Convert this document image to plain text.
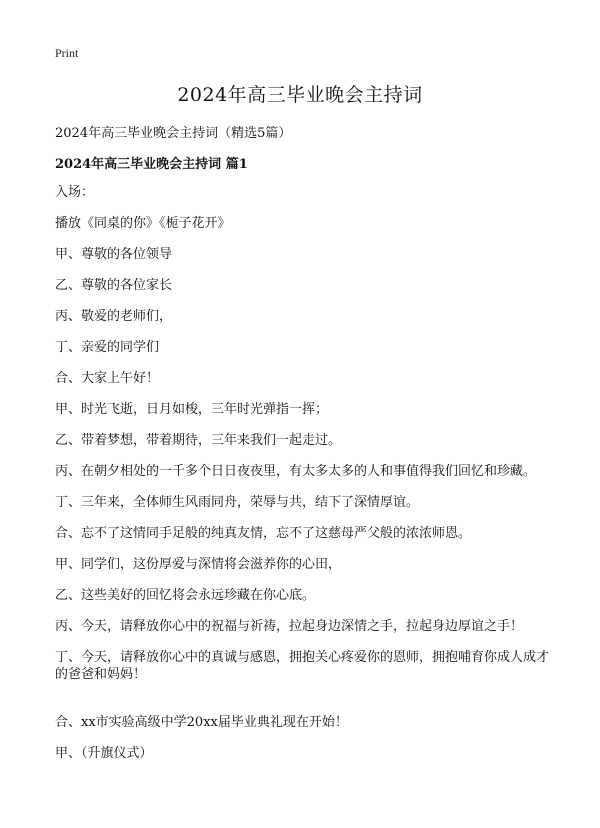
Print
2024年高三毕业晚会主持词
2024年高三毕业晚会主持词（精选5篇）
2024年高三毕业晚会主持词 篇1
入场：
播放《同桌的你》《栀子花开》
甲、尊敬的各位领导
乙、尊敬的各位家长
丙、敬爱的老师们，
丁、亲爱的同学们
合、大家上午好！
甲、时光飞逝，日月如梭，三年时光弹指一挥；
乙、带着梦想，带着期待，三年来我们一起走过。
丙、在朝夕相处的一千多个日日夜夜里，有太多太多的人和事值得我们回忆和珍藏。
丁、三年来，全体师生风雨同舟，荣辱与共，结下了深情厚谊。
合、忘不了这情同手足般的纯真友情，忘不了这慈母严父般的浓浓师恩。
甲、同学们，这份厚爱与深情将会滋养你的心田，
乙、这些美好的回忆将会永远珍藏在你心底。
丙、今天，请释放你心中的祝福与祈祷，拉起身边深情之手，拉起身边厚谊之手！
丁、今天，请释放你心中的真诚与感恩，拥抱关心疼爱你的恩师，拥抱哺育你成人成才的爸爸和妈妈！
合、xx市实验高级中学20xx届毕业典礼现在开始！
甲、（升旗仪式）
